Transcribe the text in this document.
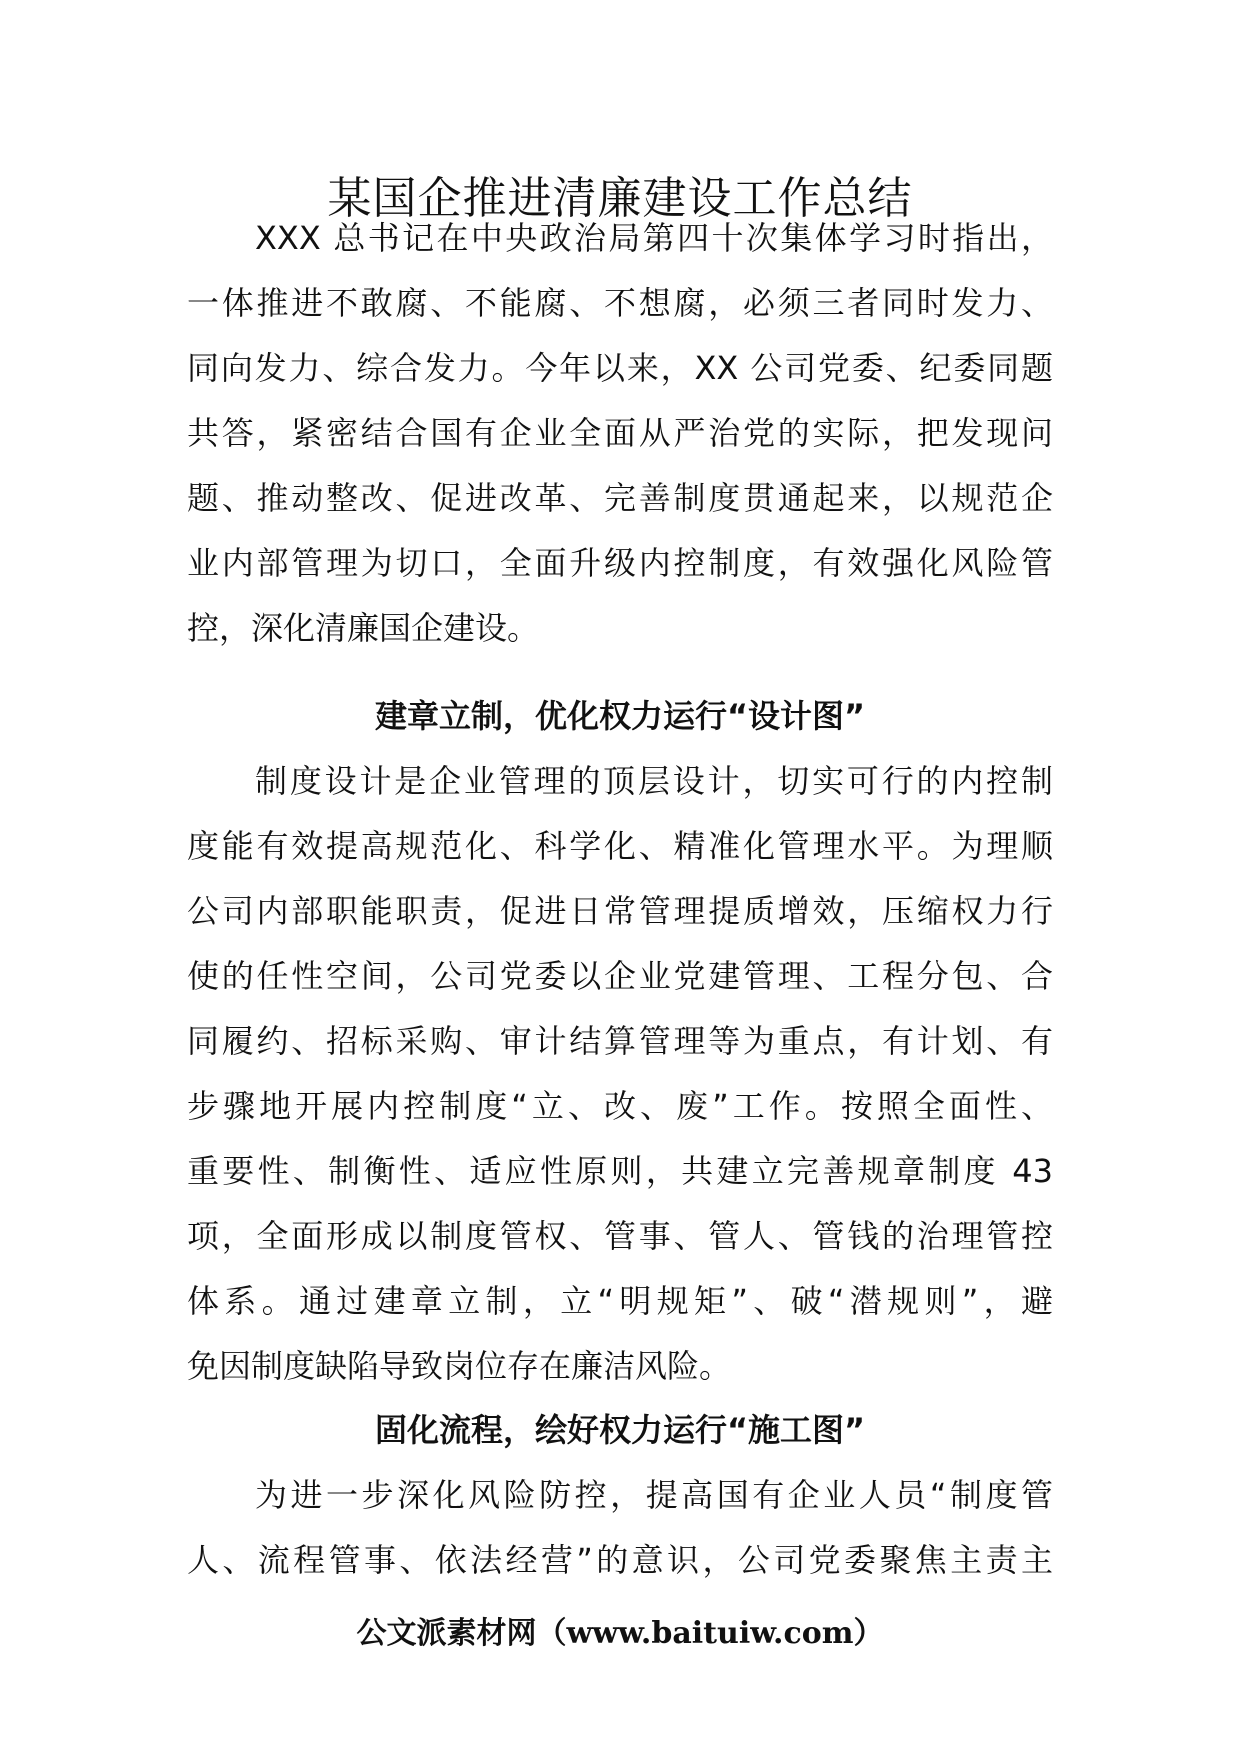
某国企推进清廉建设工作总结
XXX 总书记在中央政治局第四十次集体学习时指出，
一体推进不敢腐、不能腐、不想腐，必须三者同时发力、
同向发力、综合发力。今年以来，XX 公司党委、纪委同题
共答，紧密结合国有企业全面从严治党的实际，把发现问
题、推动整改、促进改革、完善制度贯通起来，以规范企
业内部管理为切口，全面升级内控制度，有效强化风险管
控，深化清廉国企建设。
建章立制，优化权力运行“设计图”
制度设计是企业管理的顶层设计，切实可行的内控制
度能有效提高规范化、科学化、精准化管理水平。为理顺
公司内部职能职责，促进日常管理提质增效，压缩权力行
使的任性空间，公司党委以企业党建管理、工程分包、合
同履约、招标采购、审计结算管理等为重点，有计划、有
步骤地开展内控制度“立、改、废”工作。按照全面性、
重要性、制衡性、适应性原则，共建立完善规章制度 43
项，全面形成以制度管权、管事、管人、管钱的治理管控
体系。通过建章立制，立“明规矩”、破“潜规则”，避
免因制度缺陷导致岗位存在廉洁风险。
固化流程，绘好权力运行“施工图”
为进一步深化风险防控，提高国有企业人员“制度管
人、流程管事、依法经营”的意识，公司党委聚焦主责主
公文派素材网（www.baituiw.com）
